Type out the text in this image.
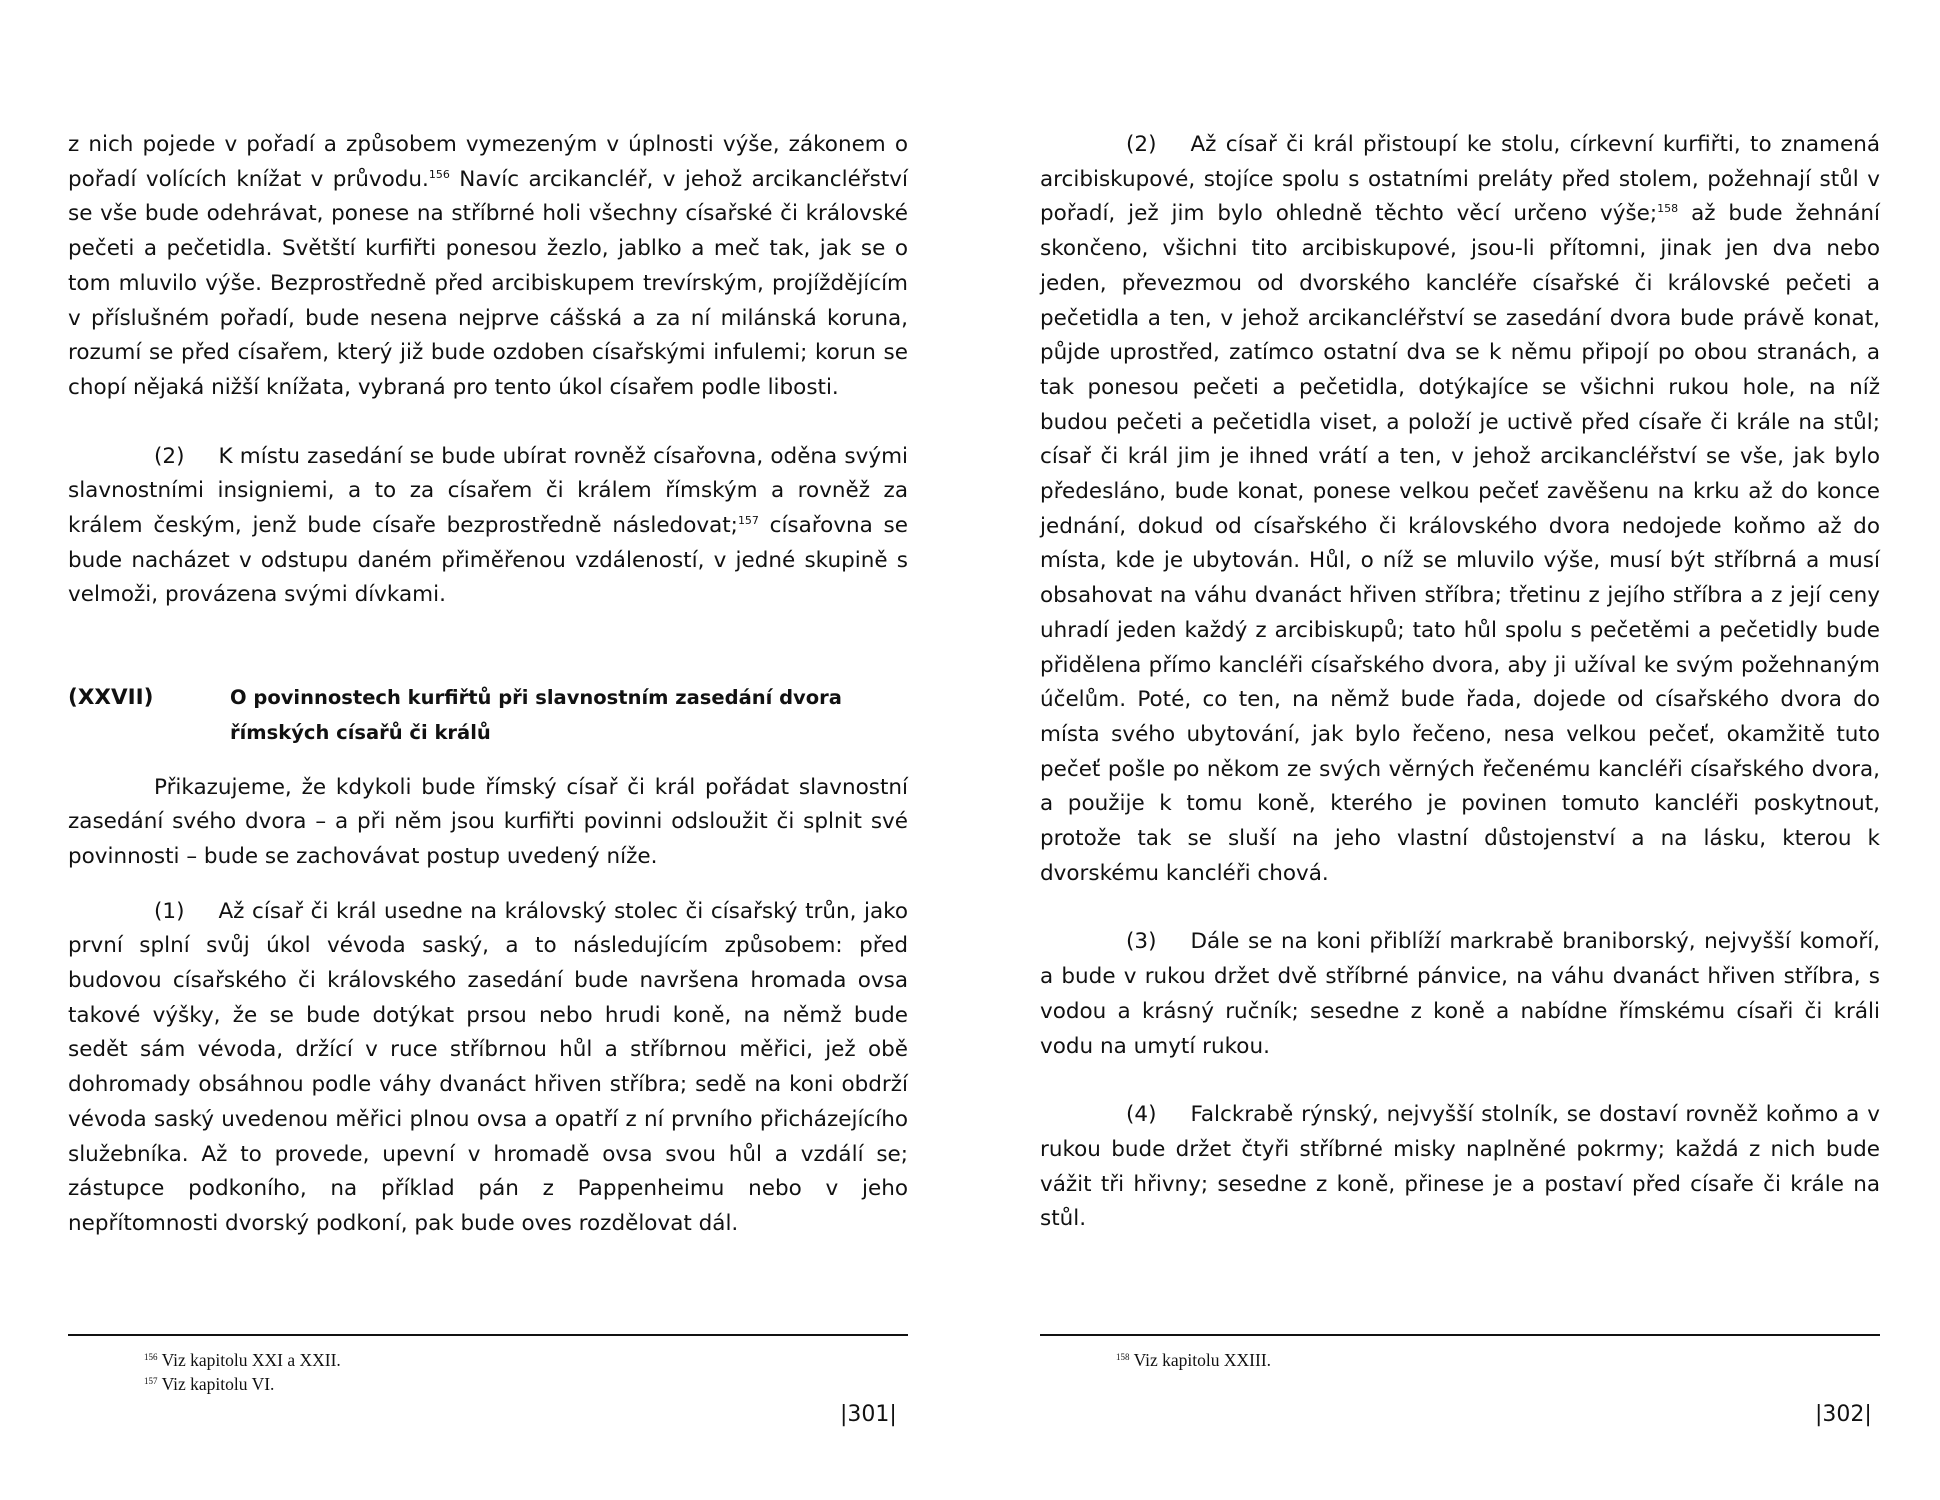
z nich pojede v pořadí a způsobem vymezeným v úplnosti výše, zákonem o pořadí volících knížat v průvodu.$^{156}$ Navíc arcikancléř, v jehož arcikancléřství se vše bude odehrávat, ponese na stříbrné holi všechny císařské či královské pečeti a pečetidla. Světští kurfiřti ponesou žezlo, jablko a meč tak, jak se o tom mluvilo výše. Bezprostředně před arcibiskupem trevírským, projíždějícím v příslušném pořadí, bude nesena nejprve cášská a za ní milánská koruna, rozumí se před císařem, který již bude ozdoben císařskými infulemi; korun se chopí nějaká nižší knížata, vybraná pro tento úkol císařem podle libosti.

(2) K místu zasedání se bude ubírat rovněž císařovna, oděna svými slavnostními insigniemi, a to za císařem či králem římským a rovněž za králem českým, jenž bude císaře bezprostředně následovat;$^{157}$ císařovna se bude nacházet v odstupu daném přiměřenou vzdáleností, v jedné skupině s velmoži, provázena svými dívkami.

(XXVII)	O povinnostech kurfiřtů při slavnostním zasedání dvora římských císařů či králů

Přikazujeme, že kdykoli bude římský císař či král pořádat slavnostní zasedání svého dvora – a při něm jsou kurfiřti povinni odsloužit či splnit své povinnosti – bude se zachovávat postup uvedený níže.

(1) Až císař či král usedne na královský stolec či císařský trůn, jako první splní svůj úkol vévoda saský, a to následujícím způsobem: před budovou císařského či královského zasedání bude navršena hromada ovsa takové výšky, že se bude dotýkat prsou nebo hrudi koně, na němž bude sedět sám vévoda, držící v ruce stříbrnou hůl a stříbrnou měřici, jež obě dohromady obsáhnou podle váhy dvanáct hřiven stříbra; sedě na koni obdrží vévoda saský uvedenou měřici plnou ovsa a opatří z ní prvního přicházejícího služebníka. Až to provede, upevní v hromadě ovsa svou hůl a vzdálí se; zástupce podkoního, na příklad pán z Pappenheimu nebo v jeho nepřítomnosti dvorský podkoní, pak bude oves rozdělovat dál.

$^{156}$ Viz kapitolu XXI a XXII.
$^{157}$ Viz kapitolu VI.
|301|

(2) Až císař či král přistoupí ke stolu, církevní kurfiřti, to znamená arcibiskupové, stojíce spolu s ostatními preláty před stolem, požehnají stůl v pořadí, jež jim bylo ohledně těchto věcí určeno výše;$^{158}$ až bude žehnání skončeno, všichni tito arcibiskupové, jsou-li přítomni, jinak jen dva nebo jeden, převezmou od dvorského kancléře císařské či královské pečeti a pečetidla a ten, v jehož arcikancléřství se zasedání dvora bude právě konat, půjde uprostřed, zatímco ostatní dva se k němu připojí po obou stranách, a tak ponesou pečeti a pečetidla, dotýkajíce se všichni rukou hole, na níž budou pečeti a pečetidla viset, a položí je uctivě před císaře či krále na stůl; císař či král jim je ihned vrátí a ten, v jehož arcikancléřství se vše, jak bylo předesláno, bude konat, ponese velkou pečeť zavěšenu na krku až do konce jednání, dokud od císařského či královského dvora nedojede koňmo až do místa, kde je ubytován. Hůl, o níž se mluvilo výše, musí být stříbrná a musí obsahovat na váhu dvanáct hřiven stříbra; třetinu z jejího stříbra a z její ceny uhradí jeden každý z arcibiskupů; tato hůl spolu s pečetěmi a pečetidly bude přidělena přímo kancléři císařského dvora, aby ji užíval ke svým požehnaným účelům. Poté, co ten, na němž bude řada, dojede od císařského dvora do místa svého ubytování, jak bylo řečeno, nesa velkou pečeť, okamžitě tuto pečeť pošle po někom ze svých věrných řečenému kancléři císařského dvora, a použije k tomu koně, kterého je povinen tomuto kancléři poskytnout, protože tak se sluší na jeho vlastní důstojenství a na lásku, kterou k dvorskému kancléři chová.

(3) Dále se na koni přiblíží markrabě braniborský, nejvyšší komoří, a bude v rukou držet dvě stříbrné pánvice, na váhu dvanáct hřiven stříbra, s vodou a krásný ručník; sesedne z koně a nabídne římskému císaři či králi vodu na umytí rukou.

(4) Falckrabě rýnský, nejvyšší stolník, se dostaví rovněž koňmo a v rukou bude držet čtyři stříbrné misky naplněné pokrmy; každá z nich bude vážit tři hřivny; sesedne z koně, přinese je a postaví před císaře či krále na stůl.

$^{158}$ Viz kapitolu XXIII.
|302|
